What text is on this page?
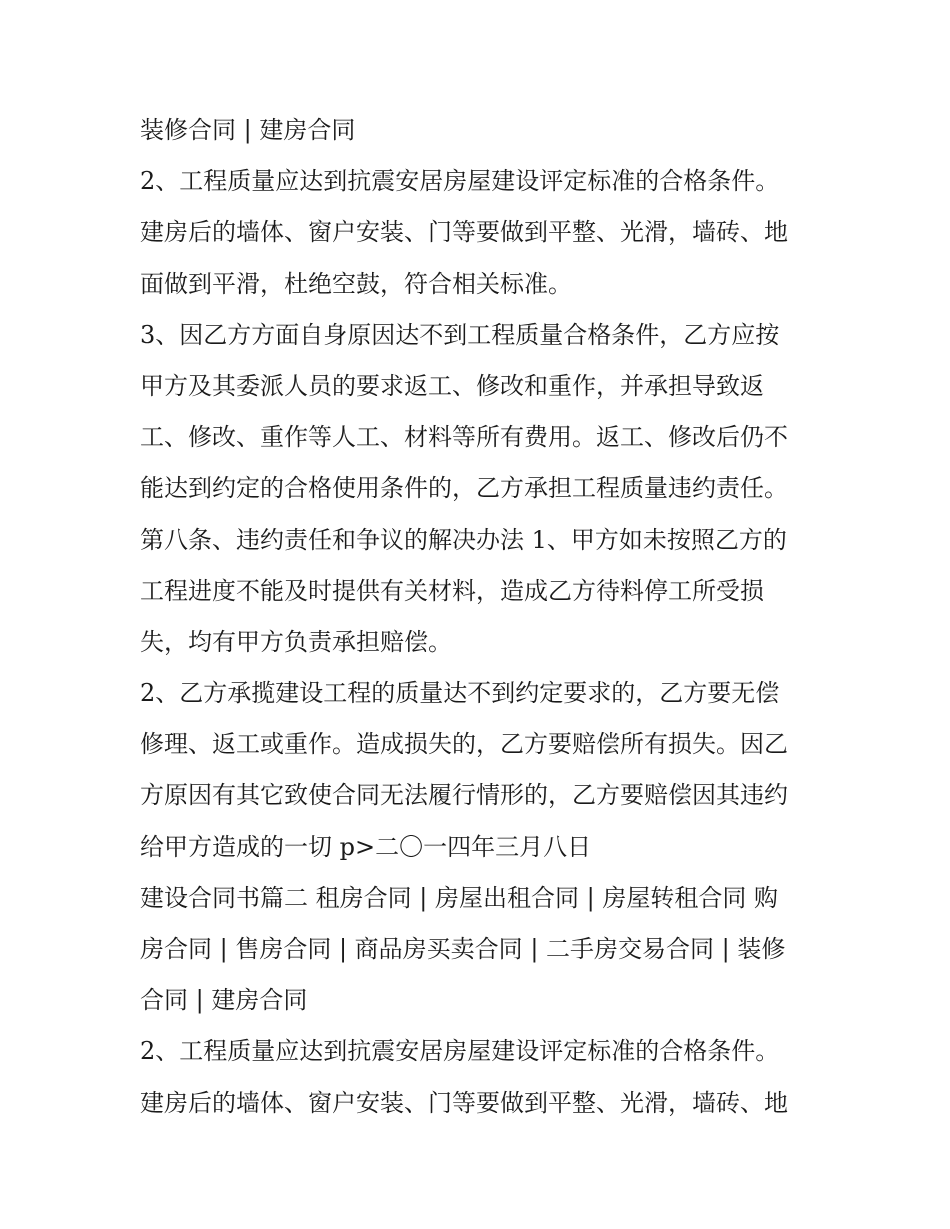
装修合同 | 建房合同
2、工程质量应达到抗震安居房屋建设评定标准的合格条件。
建房后的墙体、窗户安装、门等要做到平整、光滑，墙砖、地
面做到平滑，杜绝空鼓，符合相关标准。
3、因乙方方面自身原因达不到工程质量合格条件，乙方应按
甲方及其委派人员的要求返工、修改和重作，并承担导致返
工、修改、重作等人工、材料等所有费用。返工、修改后仍不
能达到约定的合格使用条件的，乙方承担工程质量违约责任。
第八条、违约责任和争议的解决办法 1、甲方如未按照乙方的
工程进度不能及时提供有关材料，造成乙方待料停工所受损
失，均有甲方负责承担赔偿。
2、乙方承揽建设工程的质量达不到约定要求的，乙方要无偿
修理、返工或重作。造成损失的，乙方要赔偿所有损失。因乙
方原因有其它致使合同无法履行情形的，乙方要赔偿因其违约
给甲方造成的一切 p>二〇一四年三月八日
建设合同书篇二 租房合同 | 房屋出租合同 | 房屋转租合同 购
房合同 | 售房合同 | 商品房买卖合同 | 二手房交易合同 | 装修
合同 | 建房合同
2、工程质量应达到抗震安居房屋建设评定标准的合格条件。
建房后的墙体、窗户安装、门等要做到平整、光滑，墙砖、地
